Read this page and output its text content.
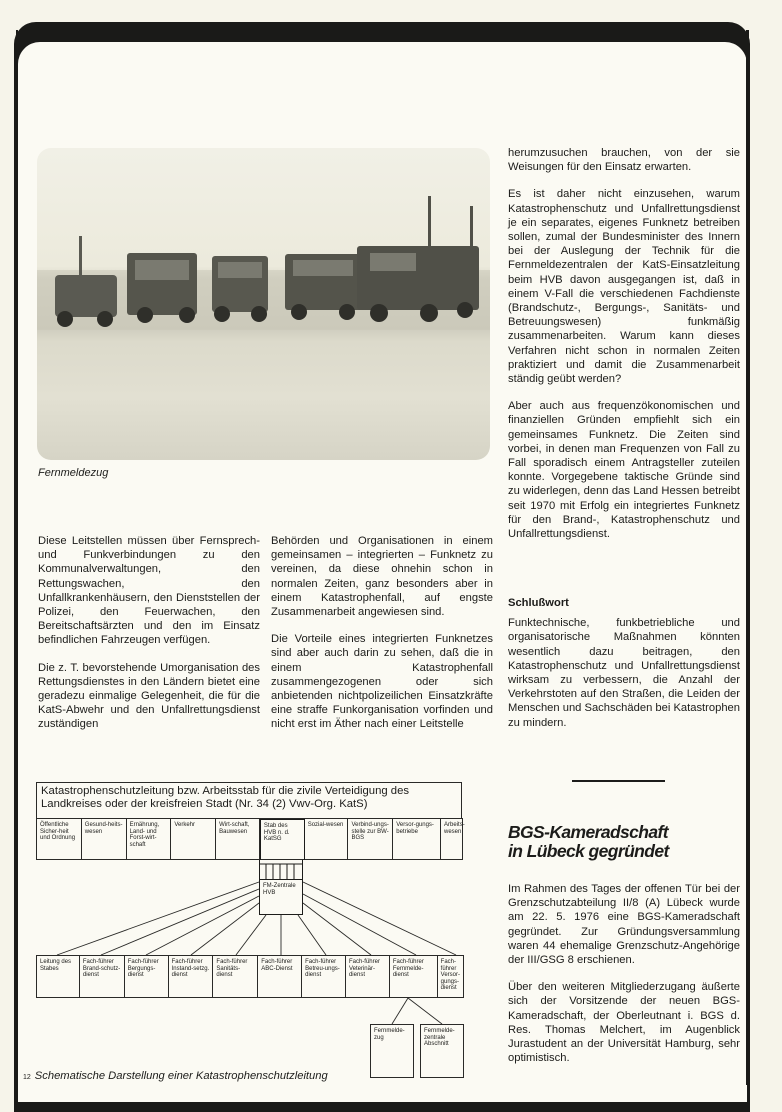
Fernmeldezug

herumzusuchen brauchen, von der sie Weisungen für den Einsatz erwarten.

Es ist daher nicht einzusehen, warum Katastrophenschutz und Unfallrettungsdienst je ein separates, eigenes Funknetz betreiben sollen, zumal der Bundesminister des Innern bei der Auslegung der Technik für die Fernmeldezentralen der KatS-Einsatzleitung beim HVB davon ausgegangen ist, daß in einem V-Fall die verschiedenen Fachdienste (Brandschutz-, Bergungs-, Sanitäts- und Betreuungswesen) funkmäßig zusammenarbeiten. Warum kann dieses Verfahren nicht schon in normalen Zeiten praktiziert und damit die Zusammenarbeit ständig geübt werden?

Aber auch aus frequenzökonomischen und finanziellen Gründen empfiehlt sich ein gemeinsames Funknetz. Die Zeiten sind vorbei, in denen man Frequenzen von Fall zu Fall sporadisch einem Antragsteller zuteilen konnte. Vorgegebene taktische Gründe sind zu widerlegen, denn das Land Hessen betreibt seit 1970 mit Erfolg ein integriertes Funknetz für den Brand-, Katastrophenschutz und Unfallrettungsdienst.

Diese Leitstellen müssen über Fernsprech- und Funkverbindungen zu den Kommunalverwaltungen, den Rettungswachen, den Unfallkrankenhäusern, den Dienststellen der Polizei, den Feuerwachen, den Bereitschaftsärzten und den im Einsatz befindlichen Fahrzeugen verfügen.

Die z. T. bevorstehende Umorganisation des Rettungsdienstes in den Ländern bietet eine geradezu einmalige Gelegenheit, die für die KatS-Abwehr und den Unfallrettungsdienst zuständigen

Behörden und Organisationen in einem gemeinsamen – integrierten – Funknetz zu vereinen, da diese ohnehin schon in normalen Zeiten, ganz besonders aber in einem Katastrophenfall, auf engste Zusammenarbeit angewiesen sind.

Die Vorteile eines integrierten Funknetzes sind aber auch darin zu sehen, daß die in einem Katastrophenfall zusammengezogenen oder sich anbietenden nichtpolizeilichen Einsatzkräfte eine straffe Funkorganisation vorfinden und nicht erst im Äther nach einer Leitstelle

Schlußwort

Funktechnische, funkbetriebliche und organisatorische Maßnahmen könnten wesentlich dazu beitragen, den Katastrophenschutz und Unfallrettungsdienst wirksam zu verbessern, die Anzahl der Verkehrstoten auf den Straßen, die Leiden der Menschen und Sachschäden bei Katastrophen zu mindern.

BGS-Kameradschaft
in Lübeck gegründet

Im Rahmen des Tages der offenen Tür bei der Grenzschutzabteilung II/8 (A) Lübeck wurde am 22. 5. 1976 eine BGS-Kameradschaft gegründet. Zur Gründungsversammlung waren 44 ehemalige Grenzschutz-Angehörige der III/GSG 8 erschienen.

Über den weiteren Mitgliederzugang äußerte sich der Vorsitzende der neuen BGS-Kameradschaft, der Oberleutnant i. BGS d. Res. Thomas Melchert, im Augenblick Jurastudent an der Universität Hamburg, sehr optimistisch.

Katastrophenschutzleitung bzw. Arbeitsstab für die zivile Verteidigung des Landkreises oder der kreisfreien Stadt (Nr. 34 (2) Vwv-Org. KatS)
Öffentliche Sicher-heit und Ordnung
Gesund-heits-wesen
Ernährung, Land- und Forst-wirt-schaft
Verkehr	Wirt-schaft, Bauwesen
Stab des HVB n. d. KatSG
Sozial-wesen	Verbind-ungs-stelle zur BW-BGS
Versor-gungs-betriebe
Arbeits-wesen
FM-Zentrale HVB
Leitung des Stabes
Fach-führer Brand-schutz-dienst
Fach-führer Bergungs-dienst
Fach-führer Instand-setzg. dienst
Fach-führer Sanitäts-dienst
Fach-führer ABC-Dienst
Fach-führer Betreu-ungs-dienst
Fach-führer Veterinär-dienst
Fach-führer Fernmelde-dienst
Fach-führer Versor-gungs-dienst
Fernmelde-zug
Fernmelde-zentrale Abschnitt
12 Schematische Darstellung einer Katastrophenschutzleitung
